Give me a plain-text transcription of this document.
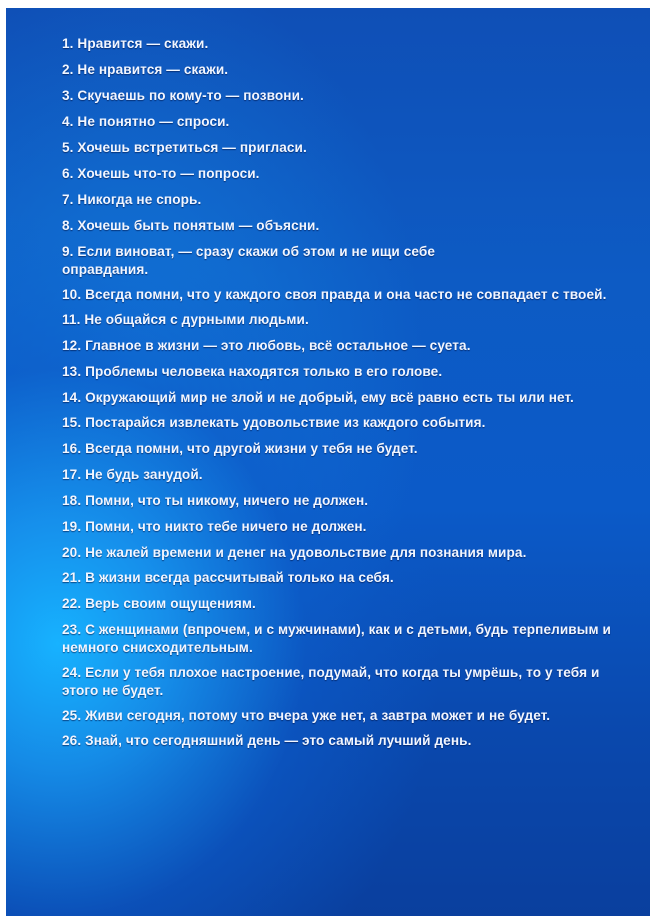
1. Нравится — скажи.
2. Не нравится — скажи.
3. Скучаешь по кому-то — позвони.
4. Не понятно — спроси.
5. Хочешь встретиться — пригласи.
6. Хочешь что-то — попроси.
7. Никогда не спорь.
8. Хочешь быть понятым — объясни.
9. Если виноват, — сразу скажи об этом и не ищи себе оправдания.
10. Всегда помни, что у каждого своя правда и она часто не совпадает с твоей.
11. Не общайся с дурными людьми.
12. Главное в жизни — это любовь, всё остальное — суета.
13. Проблемы человека находятся только в его голове.
14. Окружающий мир не злой и не добрый, ему всё равно есть ты или нет.
15. Постарайся извлекать удовольствие из каждого события.
16. Всегда помни, что другой жизни у тебя не будет.
17. Не будь занудой.
18. Помни, что ты никому, ничего не должен.
19. Помни, что никто тебе ничего не должен.
20. Не жалей времени и денег на удовольствие для познания мира.
21. В жизни всегда рассчитывай только на себя.
22. Верь своим ощущениям.
23. С женщинами (впрочем, и с мужчинами), как и с детьми, будь терпеливым и немного снисходительным.
24. Если у тебя плохое настроение, подумай, что когда ты умрёшь, то у тебя и этого не будет.
25. Живи сегодня, потому что вчера уже нет, а завтра может и не будет.
26. Знай, что сегодняшний день — это самый лучший день.
